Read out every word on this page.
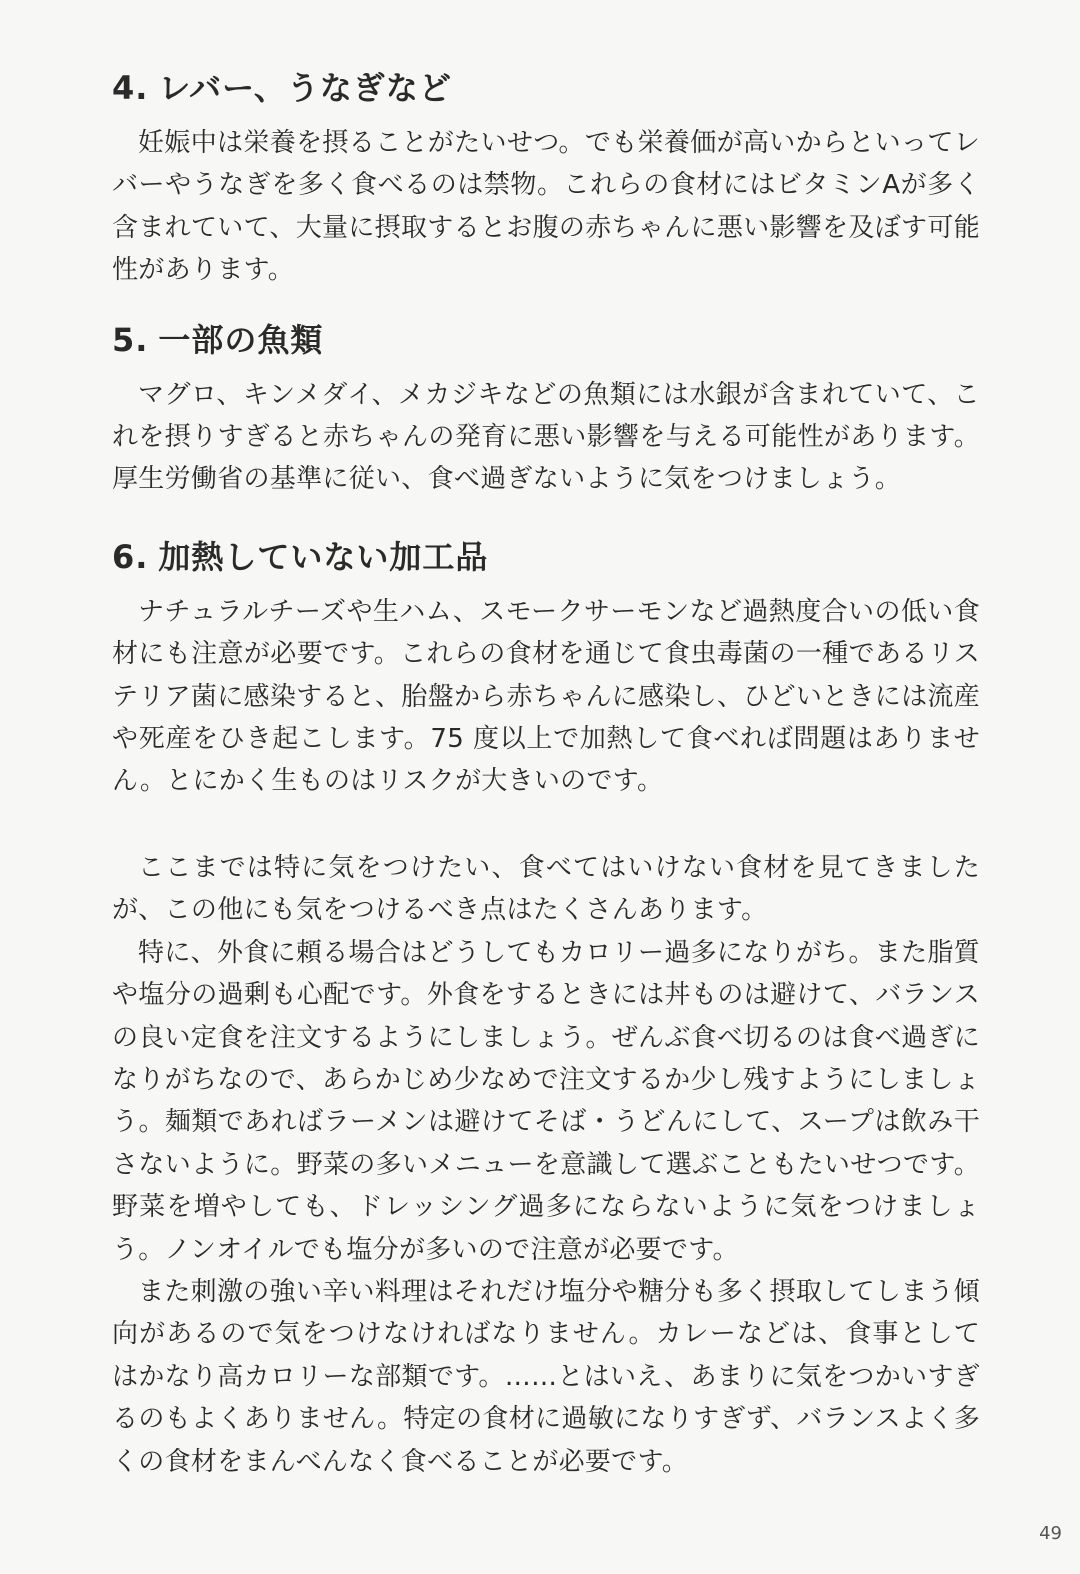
4. レバー、うなぎなど

妊娠中は栄養を摂ることがたいせつ。でも栄養価が高いからといってレバーやうなぎを多く食べるのは禁物。これらの食材にはビタミンAが多く含まれていて、大量に摂取するとお腹の赤ちゃんに悪い影響を及ぼす可能性があります。

5. 一部の魚類

マグロ、キンメダイ、メカジキなどの魚類には水銀が含まれていて、これを摂りすぎると赤ちゃんの発育に悪い影響を与える可能性があります。厚生労働省の基準に従い、食べ過ぎないように気をつけましょう。

6. 加熱していない加工品

ナチュラルチーズや生ハム、スモークサーモンなど過熱度合いの低い食材にも注意が必要です。これらの食材を通じて食虫毒菌の一種であるリステリア菌に感染すると、胎盤から赤ちゃんに感染し、ひどいときには流産や死産をひき起こします。75 度以上で加熱して食べれば問題はありません。とにかく生ものはリスクが大きいのです。

ここまでは特に気をつけたい、食べてはいけない食材を見てきましたが、この他にも気をつけるべき点はたくさんあります。

特に、外食に頼る場合はどうしてもカロリー過多になりがち。また脂質や塩分の過剰も心配です。外食をするときには丼ものは避けて、バランスの良い定食を注文するようにしましょう。ぜんぶ食べ切るのは食べ過ぎになりがちなので、あらかじめ少なめで注文するか少し残すようにしましょう。麺類であればラーメンは避けてそば・うどんにして、スープは飲み干さないように。野菜の多いメニューを意識して選ぶこともたいせつです。野菜を増やしても、ドレッシング過多にならないように気をつけましょう。ノンオイルでも塩分が多いので注意が必要です。

また刺激の強い辛い料理はそれだけ塩分や糖分も多く摂取してしまう傾向があるので気をつけなければなりません。カレーなどは、食事としてはかなり高カロリーな部類です。……とはいえ、あまりに気をつかいすぎるのもよくありません。特定の食材に過敏になりすぎず、バランスよく多くの食材をまんべんなく食べることが必要です。

49
